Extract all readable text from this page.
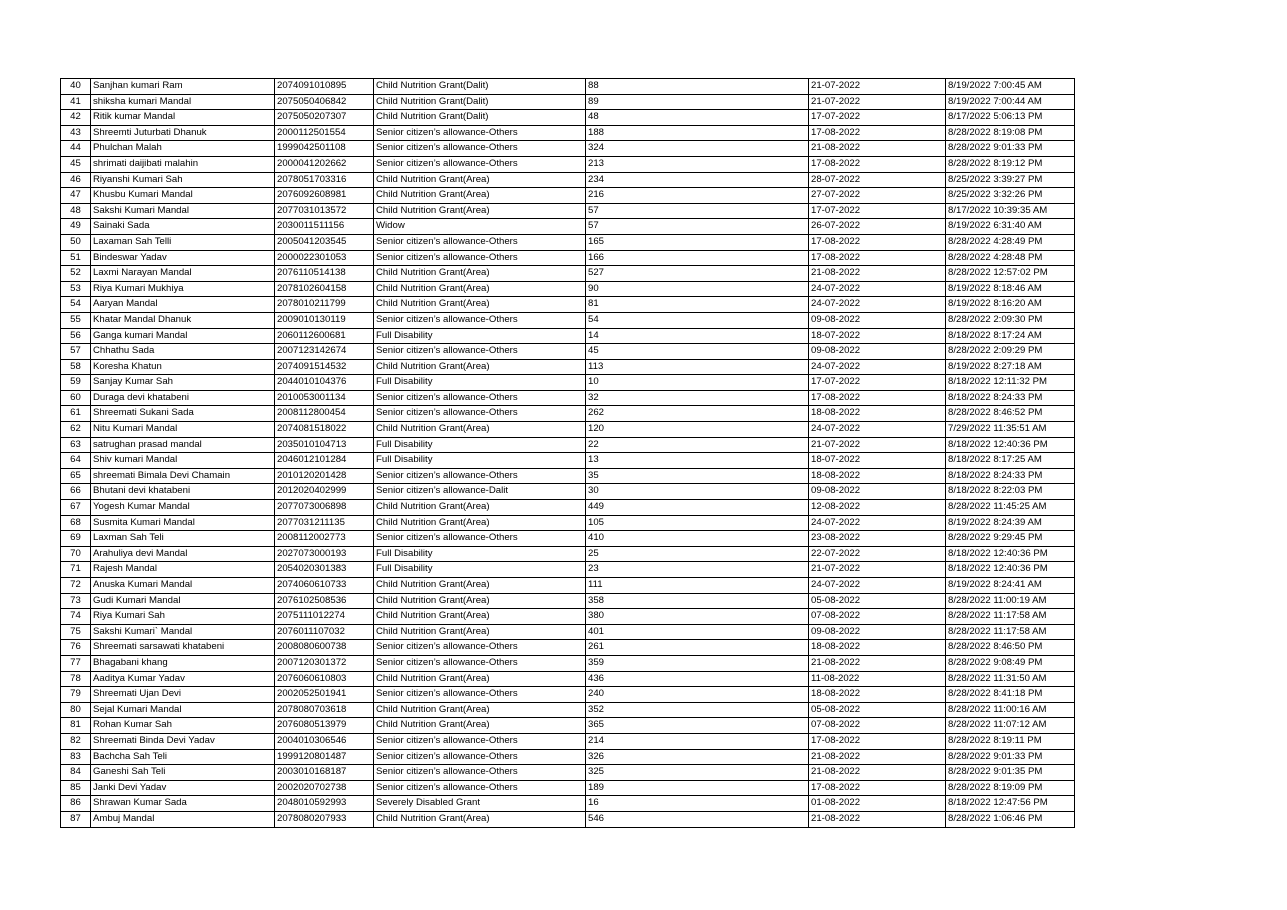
40	Sanjhan kumari Ram	2074091010895	Child Nutrition Grant(Dalit)	88	21-07-2022	8/19/2022 7:00:45 AM
41	shiksha kumari Mandal	2075050406842	Child Nutrition Grant(Dalit)	89	21-07-2022	8/19/2022 7:00:44 AM
42	Ritik kumar Mandal	2075050207307	Child Nutrition Grant(Dalit)	48	17-07-2022	8/17/2022 5:06:13 PM
43	Shreemti Juturbati Dhanuk	2000112501554	Senior citizen’s allowance-Others	188	17-08-2022	8/28/2022 8:19:08 PM
44	Phulchan Malah	1999042501108	Senior citizen’s allowance-Others	324	21-08-2022	8/28/2022 9:01:33 PM
45	shrimati daijibati malahin	2000041202662	Senior citizen’s allowance-Others	213	17-08-2022	8/28/2022 8:19:12 PM
46	Riyanshi Kumari Sah	2078051703316	Child Nutrition Grant(Area)	234	28-07-2022	8/25/2022 3:39:27 PM
47	Khusbu Kumari Mandal	2076092608981	Child Nutrition Grant(Area)	216	27-07-2022	8/25/2022 3:32:26 PM
48	Sakshi Kumari Mandal	2077031013572	Child Nutrition Grant(Area)	57	17-07-2022	8/17/2022 10:39:35 AM
49	Sainaki Sada	2030011511156	Widow	57	26-07-2022	8/19/2022 6:31:40 AM
50	Laxaman Sah Telli	2005041203545	Senior citizen’s allowance-Others	165	17-08-2022	8/28/2022 4:28:49 PM
51	Bindeswar Yadav	2000022301053	Senior citizen’s allowance-Others	166	17-08-2022	8/28/2022 4:28:48 PM
52	Laxmi Narayan Mandal	2076110514138	Child Nutrition Grant(Area)	527	21-08-2022	8/28/2022 12:57:02 PM
53	Riya Kumari Mukhiya	2078102604158	Child Nutrition Grant(Area)	90	24-07-2022	8/19/2022 8:18:46 AM
54	Aaryan Mandal	2078010211799	Child Nutrition Grant(Area)	81	24-07-2022	8/19/2022 8:16:20 AM
55	Khatar Mandal Dhanuk	2009010130119	Senior citizen’s allowance-Others	54	09-08-2022	8/28/2022 2:09:30 PM
56	Ganga kumari Mandal	2060112600681	Full Disability	14	18-07-2022	8/18/2022 8:17:24 AM
57	Chhathu Sada	2007123142674	Senior citizen’s allowance-Others	45	09-08-2022	8/28/2022 2:09:29 PM
58	Koresha Khatun	2074091514532	Child Nutrition Grant(Area)	113	24-07-2022	8/19/2022 8:27:18 AM
59	Sanjay Kumar Sah	2044010104376	Full Disability	10	17-07-2022	8/18/2022 12:11:32 PM
60	Duraga devi khatabeni	2010053001134	Senior citizen’s allowance-Others	32	17-08-2022	8/18/2022 8:24:33 PM
61	Shreemati Sukani Sada	2008112800454	Senior citizen’s allowance-Others	262	18-08-2022	8/28/2022 8:46:52 PM
62	Nitu Kumari Mandal	2074081518022	Child Nutrition Grant(Area)	120	24-07-2022	7/29/2022 11:35:51 AM
63	satrughan prasad mandal	2035010104713	Full Disability	22	21-07-2022	8/18/2022 12:40:36 PM
64	Shiv kumari Mandal	2046012101284	Full Disability	13	18-07-2022	8/18/2022 8:17:25 AM
65	shreemati Bimala Devi Chamain	2010120201428	Senior citizen’s allowance-Others	35	18-08-2022	8/18/2022 8:24:33 PM
66	Bhutani devi khatabeni	2012020402999	Senior citizen’s allowance-Dalit	30	09-08-2022	8/18/2022 8:22:03 PM
67	Yogesh Kumar Mandal	2077073006898	Child Nutrition Grant(Area)	449	12-08-2022	8/28/2022 11:45:25 AM
68	Susmita Kumari Mandal	2077031211135	Child Nutrition Grant(Area)	105	24-07-2022	8/19/2022 8:24:39 AM
69	Laxman Sah Teli	2008112002773	Senior citizen’s allowance-Others	410	23-08-2022	8/28/2022 9:29:45 PM
70	Arahuliya devi Mandal	2027073000193	Full Disability	25	22-07-2022	8/18/2022 12:40:36 PM
71	Rajesh Mandal	2054020301383	Full Disability	23	21-07-2022	8/18/2022 12:40:36 PM
72	Anuska Kumari Mandal	2074060610733	Child Nutrition Grant(Area)	111	24-07-2022	8/19/2022 8:24:41 AM
73	Gudi Kumari Mandal	2076102508536	Child Nutrition Grant(Area)	358	05-08-2022	8/28/2022 11:00:19 AM
74	Riya Kumari Sah	2075111012274	Child Nutrition Grant(Area)	380	07-08-2022	8/28/2022 11:17:58 AM
75	Sakshi Kumari` Mandal	2076011107032	Child Nutrition Grant(Area)	401	09-08-2022	8/28/2022 11:17:58 AM
76	Shreemati sarsawati khatabeni	2008080600738	Senior citizen’s allowance-Others	261	18-08-2022	8/28/2022 8:46:50 PM
77	Bhagabani khang	2007120301372	Senior citizen’s allowance-Others	359	21-08-2022	8/28/2022 9:08:49 PM
78	Aaditya Kumar Yadav	2076060610803	Child Nutrition Grant(Area)	436	11-08-2022	8/28/2022 11:31:50 AM
79	Shreemati Ujan Devi	2002052501941	Senior citizen’s allowance-Others	240	18-08-2022	8/28/2022 8:41:18 PM
80	Sejal Kumari Mandal	2078080703618	Child Nutrition Grant(Area)	352	05-08-2022	8/28/2022 11:00:16 AM
81	Rohan Kumar Sah	2076080513979	Child Nutrition Grant(Area)	365	07-08-2022	8/28/2022 11:07:12 AM
82	Shreemati Binda Devi Yadav	2004010306546	Senior citizen’s allowance-Others	214	17-08-2022	8/28/2022 8:19:11 PM
83	Bachcha Sah Teli	1999120801487	Senior citizen’s allowance-Others	326	21-08-2022	8/28/2022 9:01:33 PM
84	Ganeshi Sah Teli	2003010168187	Senior citizen’s allowance-Others	325	21-08-2022	8/28/2022 9:01:35 PM
85	Janki Devi Yadav	2002020702738	Senior citizen’s allowance-Others	189	17-08-2022	8/28/2022 8:19:09 PM
86	Shrawan Kumar Sada	2048010592993	Severely Disabled Grant	16	01-08-2022	8/18/2022 12:47:56 PM
87	Ambuj Mandal	2078080207933	Child Nutrition Grant(Area)	546	21-08-2022	8/28/2022 1:06:46 PM
